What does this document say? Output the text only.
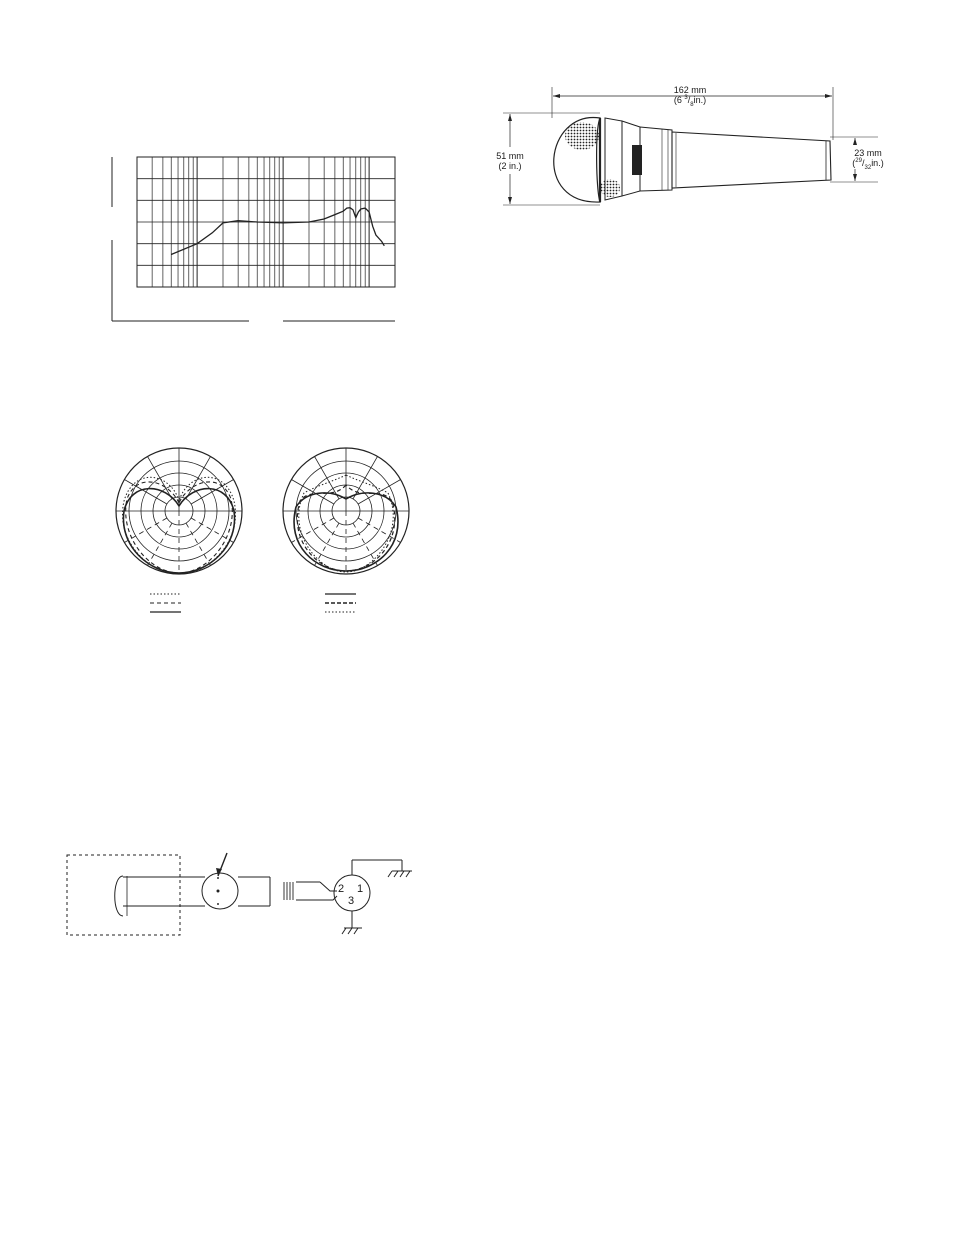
162 mm
(6 $^3/_8in$.)
51 mm
(2 in.)
23 mm
$(^{29}/_{32}in.)$
2 1
3
